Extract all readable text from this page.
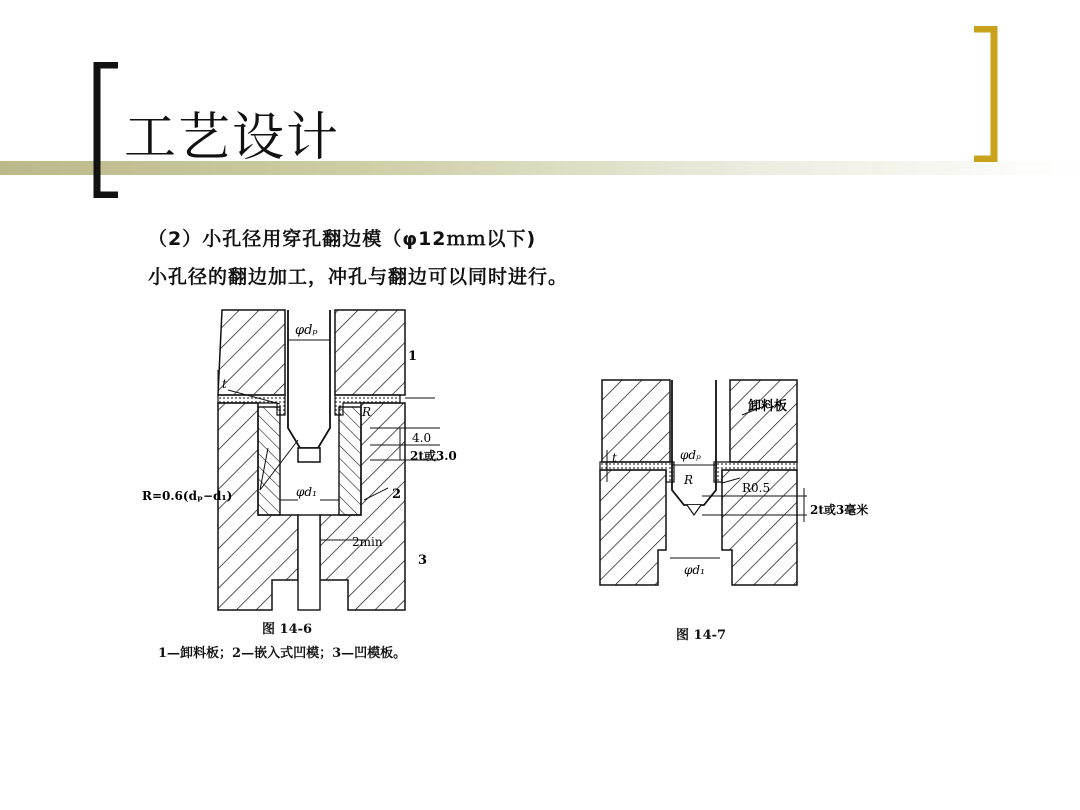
工艺设计
（2）小孔径用穿孔翻边模（φ12ｍｍ以下)
小孔径的翻边加工，冲孔与翻边可以同时进行。
φdₚ
1
t
R
4.0
2t或3.0
R=0.6(dₚ−d₁)	φd₁	2
2min
3
图 14-6
1—卸料板；2—嵌入式凹模；3—凹模板。
卸料板
φdₚ
t
R
R0.5
2t或3毫米
φd₁
图 14-7
